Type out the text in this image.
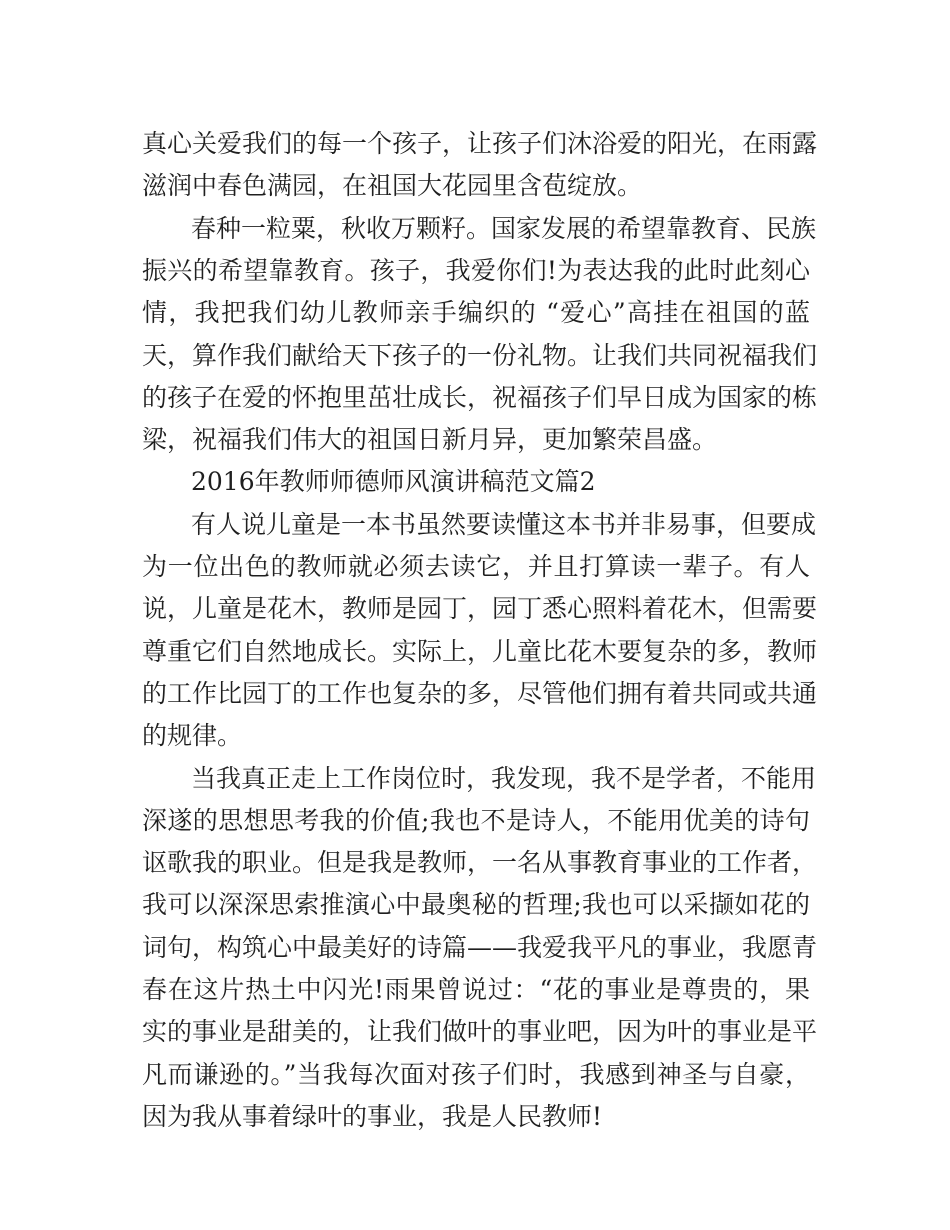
真心关爱我们的每一个孩子，让孩子们沐浴爱的阳光，在雨露
滋润中春色满园，在祖国大花园里含苞绽放。
春种一粒粟，秋收万颗籽。国家发展的希望靠教育、民族
振兴的希望靠教育。孩子，我爱你们!为表达我的此时此刻心
情，我把我们幼儿教师亲手编织的 “爱心”高挂在祖国的蓝
天，算作我们献给天下孩子的一份礼物。让我们共同祝福我们
的孩子在爱的怀抱里茁壮成长，祝福孩子们早日成为国家的栋
梁，祝福我们伟大的祖国日新月异，更加繁荣昌盛。
2016年教师师德师风演讲稿范文篇2
有人说儿童是一本书虽然要读懂这本书并非易事，但要成
为一位出色的教师就必须去读它，并且打算读一辈子。有人
说，儿童是花木，教师是园丁，园丁悉心照料着花木，但需要
尊重它们自然地成长。实际上，儿童比花木要复杂的多，教师
的工作比园丁的工作也复杂的多，尽管他们拥有着共同或共通
的规律。
当我真正走上工作岗位时，我发现，我不是学者，不能用
深遂的思想思考我的价值;我也不是诗人，不能用优美的诗句
讴歌我的职业。但是我是教师，一名从事教育事业的工作者，
我可以深深思索推演心中最奥秘的哲理;我也可以采撷如花的
词句，构筑心中最美好的诗篇——我爱我平凡的事业，我愿青
春在这片热土中闪光!雨果曾说过：“花的事业是尊贵的，果
实的事业是甜美的，让我们做叶的事业吧，因为叶的事业是平
凡而谦逊的。”当我每次面对孩子们时，我感到神圣与自豪，
因为我从事着绿叶的事业，我是人民教师!
